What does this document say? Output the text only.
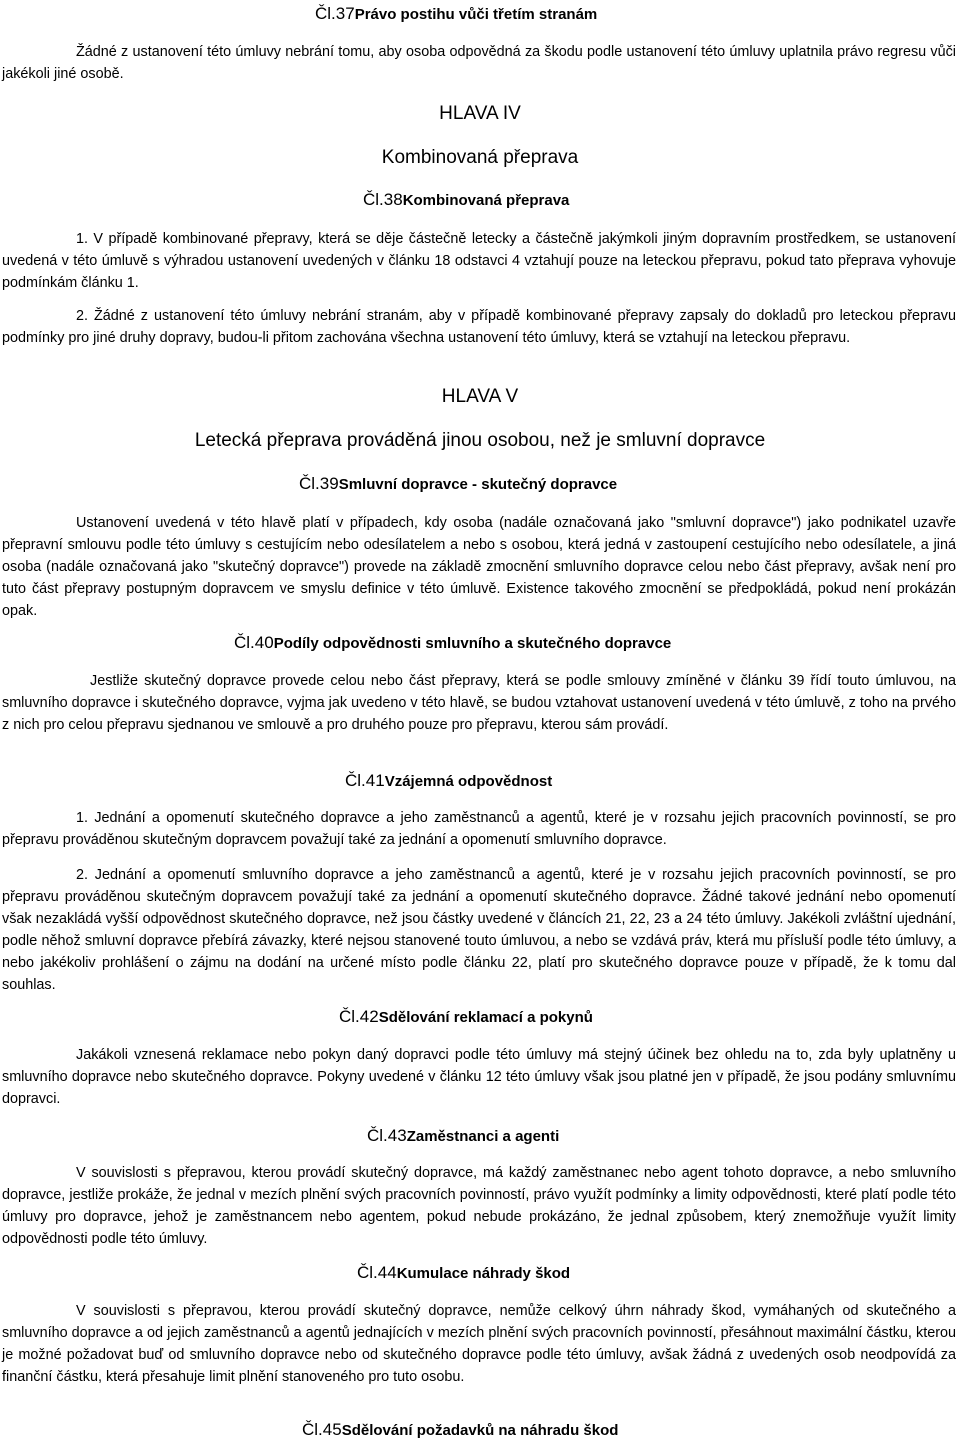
Čl.37Právo postihu vůči třetím stranám

Žádné z ustanovení této úmluvy nebrání tomu, aby osoba odpovědná za škodu podle ustanovení této úmluvy uplatnila právo regresu vůči jakékoli jiné osobě.

HLAVA IV
Kombinovaná přeprava
Čl.38Kombinovaná přeprava

1. V případě kombinované přepravy, která se děje částečně letecky a částečně jakýmkoli jiným dopravním prostředkem, se ustanovení uvedená v této úmluvě s výhradou ustanovení uvedených v článku 18 odstavci 4 vztahují pouze na leteckou přepravu, pokud tato přeprava vyhovuje podmínkám článku 1.

2. Žádné z ustanovení této úmluvy nebrání stranám, aby v případě kombinované přepravy zapsaly do dokladů pro leteckou přepravu podmínky pro jiné druhy dopravy, budou-li přitom zachována všechna ustanovení této úmluvy, která se vztahují na leteckou přepravu.

HLAVA V
Letecká přeprava prováděná jinou osobou, než je smluvní dopravce
Čl.39Smluvní dopravce - skutečný dopravce

Ustanovení uvedená v této hlavě platí v případech, kdy osoba (nadále označovaná jako "smluvní dopravce") jako podnikatel uzavře přepravní smlouvu podle této úmluvy s cestujícím nebo odesílatelem a nebo s osobou, která jedná v zastoupení cestujícího nebo odesílatele, a jiná osoba (nadále označovaná jako "skutečný dopravce") provede na základě zmocnění smluvního dopravce celou nebo část přepravy, avšak není pro tuto část přepravy postupným dopravcem ve smyslu definice v této úmluvě. Existence takového zmocnění se předpokládá, pokud není prokázán opak.

Čl.40Podíly odpovědnosti smluvního a skutečného dopravce

Jestliže skutečný dopravce provede celou nebo část přepravy, která se podle smlouvy zmíněné v článku 39 řídí touto úmluvou, na smluvního dopravce i skutečného dopravce, vyjma jak uvedeno v této hlavě, se budou vztahovat ustanovení uvedená v této úmluvě, z toho na prvého z nich pro celou přepravu sjednanou ve smlouvě a pro druhého pouze pro přepravu, kterou sám provádí.

Čl.41Vzájemná odpovědnost

1. Jednání a opomenutí skutečného dopravce a jeho zaměstnanců a agentů, které je v rozsahu jejich pracovních povinností, se pro přepravu prováděnou skutečným dopravcem považují také za jednání a opomenutí smluvního dopravce.

2. Jednání a opomenutí smluvního dopravce a jeho zaměstnanců a agentů, které je v rozsahu jejich pracovních povinností, se pro přepravu prováděnou skutečným dopravcem považují také za jednání a opomenutí skutečného dopravce. Žádné takové jednání nebo opomenutí však nezakládá vyšší odpovědnost skutečného dopravce, než jsou částky uvedené v článcích 21, 22, 23 a 24 této úmluvy. Jakékoli zvláštní ujednání, podle něhož smluvní dopravce přebírá závazky, které nejsou stanovené touto úmluvou, a nebo se vzdává práv, která mu přísluší podle této úmluvy, a nebo jakékoliv prohlášení o zájmu na dodání na určené místo podle článku 22, platí pro skutečného dopravce pouze v případě, že k tomu dal souhlas.

Čl.42Sdělování reklamací a pokynů

Jakákoli vznesená reklamace nebo pokyn daný dopravci podle této úmluvy má stejný účinek bez ohledu na to, zda byly uplatněny u smluvního dopravce nebo skutečného dopravce. Pokyny uvedené v článku 12 této úmluvy však jsou platné jen v případě, že jsou podány smluvnímu dopravci.

Čl.43Zaměstnanci a agenti

V souvislosti s přepravou, kterou provádí skutečný dopravce, má každý zaměstnanec nebo agent tohoto dopravce, a nebo smluvního dopravce, jestliže prokáže, že jednal v mezích plnění svých pracovních povinností, právo využít podmínky a limity odpovědnosti, které platí podle této úmluvy pro dopravce, jehož je zaměstnancem nebo agentem, pokud nebude prokázáno, že jednal způsobem, který znemožňuje využít limity odpovědnosti podle této úmluvy.

Čl.44Kumulace náhrady škod

V souvislosti s přepravou, kterou provádí skutečný dopravce, nemůže celkový úhrn náhrady škod, vymáhaných od skutečného a smluvního dopravce a od jejich zaměstnanců a agentů jednajících v mezích plnění svých pracovních povinností, přesáhnout maximální částku, kterou je možné požadovat buď od smluvního dopravce nebo od skutečného dopravce podle této úmluvy, avšak žádná z uvedených osob neodpovídá za finanční částku, která přesahuje limit plnění stanoveného pro tuto osobu.

Čl.45Sdělování požadavků na náhradu škod
